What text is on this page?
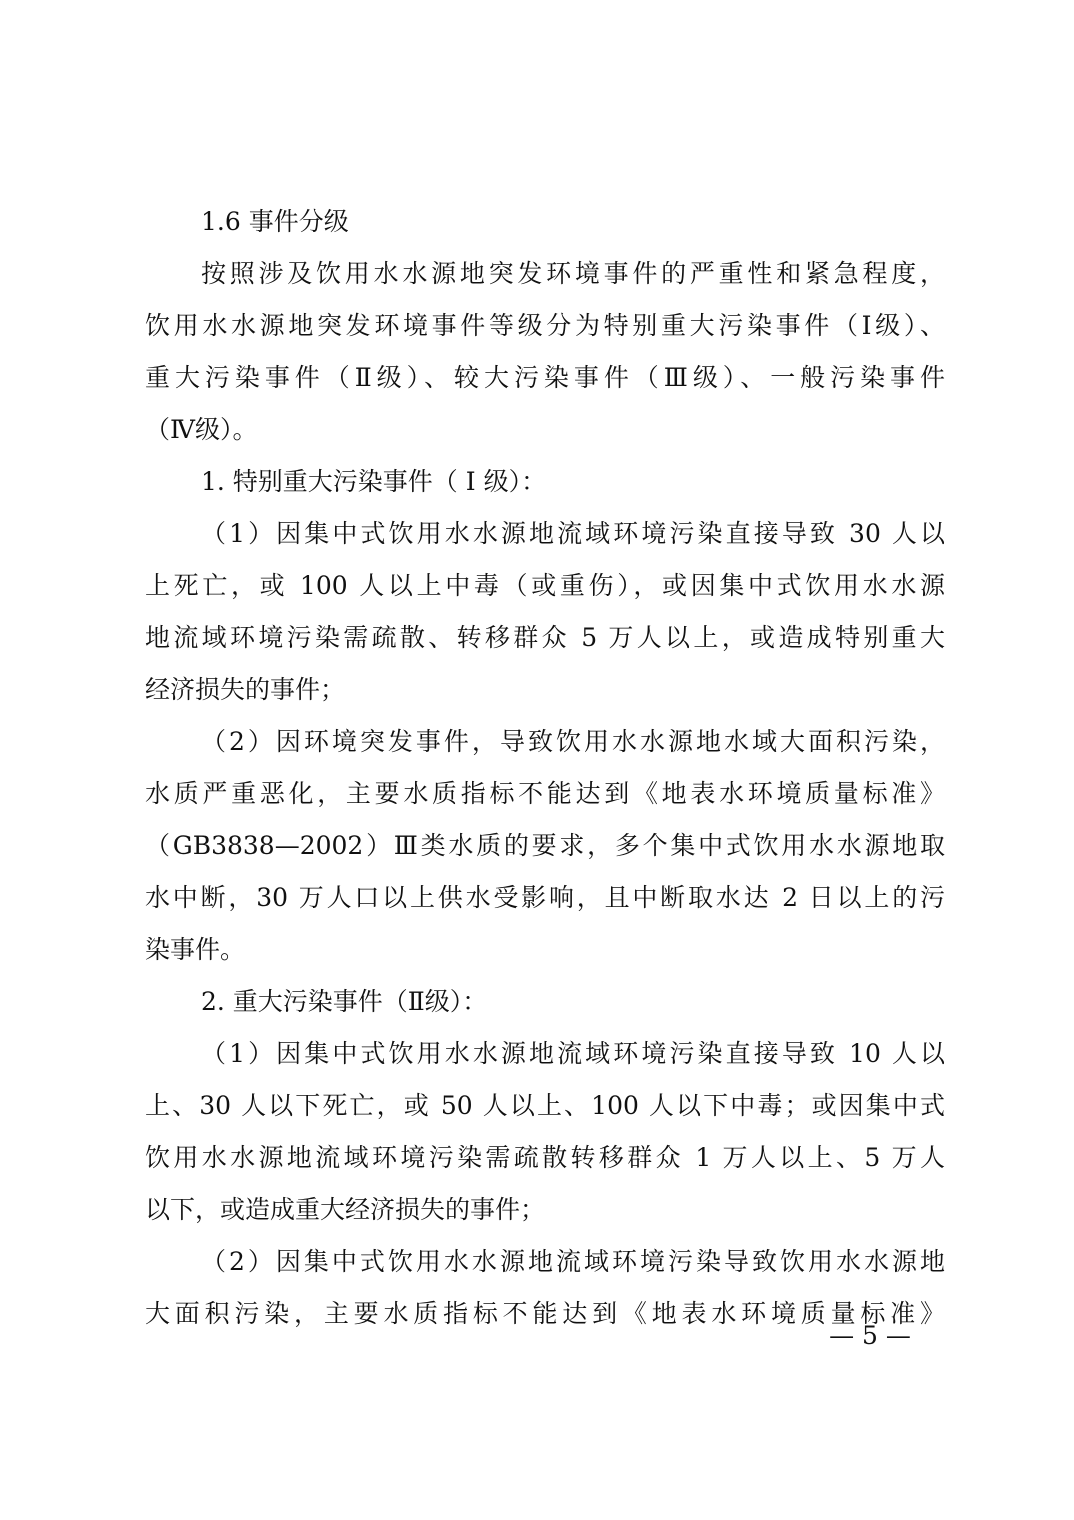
1.6 事件分级
按照涉及饮用水水源地突发环境事件的严重性和紧急程度，
饮用水水源地突发环境事件等级分为特别重大污染事件（Ⅰ级）、
重大污染事件（Ⅱ级）、较大污染事件（Ⅲ级）、一般污染事件
（Ⅳ级）。
1. 特别重大污染事件（ Ⅰ 级）：
（1）因集中式饮用水水源地流域环境污染直接导致 30 人以
上死亡，或 100 人以上中毒（或重伤），或因集中式饮用水水源
地流域环境污染需疏散、转移群众 5 万人以上，或造成特别重大
经济损失的事件；
（2）因环境突发事件，导致饮用水水源地水域大面积污染，
水质严重恶化，主要水质指标不能达到《地表水环境质量标准》
（GB3838—2002）Ⅲ类水质的要求，多个集中式饮用水水源地取
水中断，30 万人口以上供水受影响，且中断取水达 2 日以上的污
染事件。
2. 重大污染事件（Ⅱ级）：
（1）因集中式饮用水水源地流域环境污染直接导致 10 人以
上、30 人以下死亡，或 50 人以上、100 人以下中毒；或因集中式
饮用水水源地流域环境污染需疏散转移群众 1 万人以上、5 万人
以下，或造成重大经济损失的事件；
（2）因集中式饮用水水源地流域环境污染导致饮用水水源地
大面积污染，主要水质指标不能达到《地表水环境质量标准》
— 5 —
